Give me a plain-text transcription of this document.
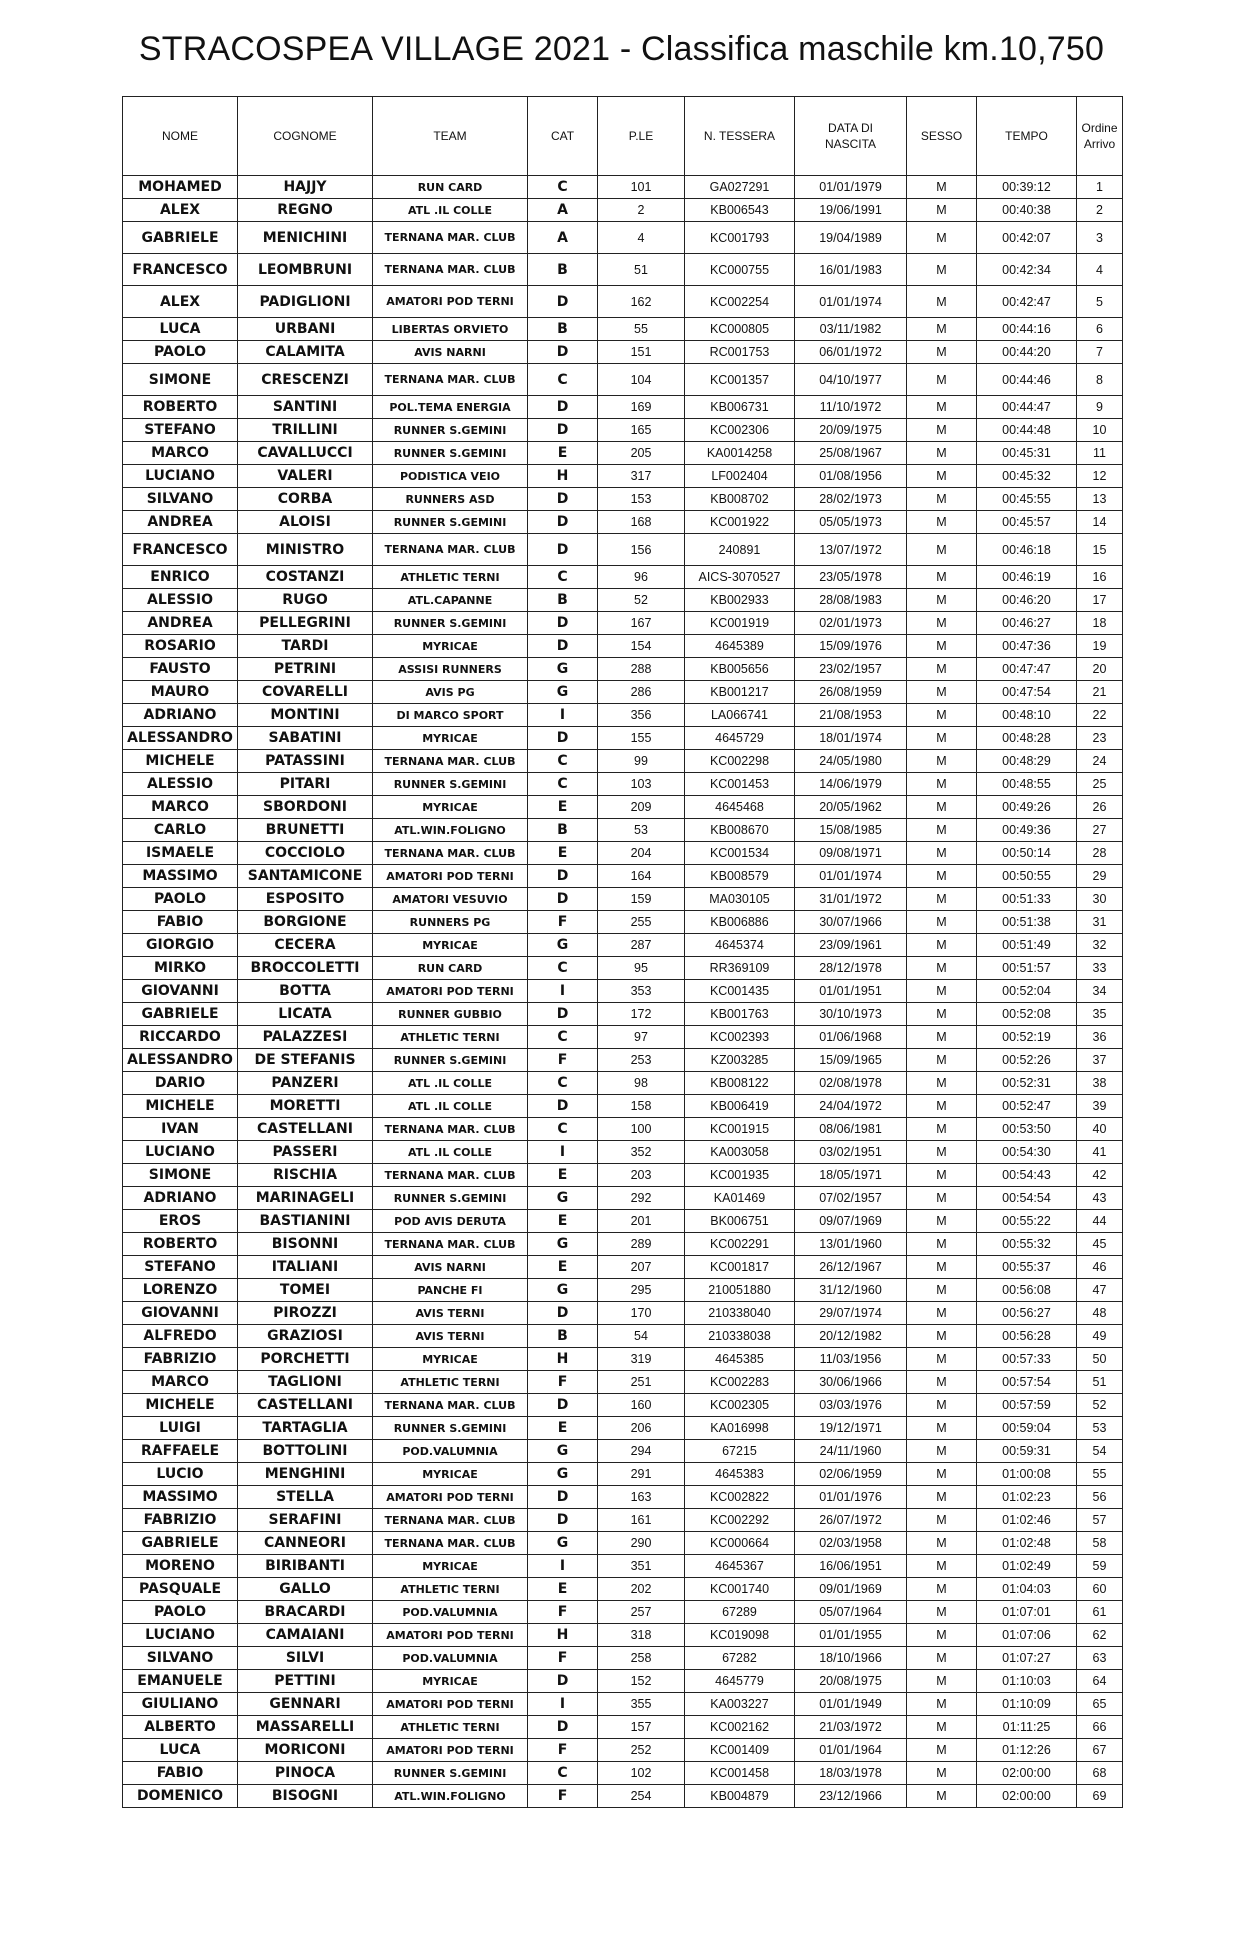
STRACOSPEA VILLAGE 2021 - Classifica maschile km.10,750
NOME	COGNOME	TEAM	CAT	P.LE	N. TESSERA	DATA DI
NASCITA	SESSO	TEMPO	Ordine
Arrivo
MOHAMED	HAJJY	RUN CARD	C	101	GA027291	01/01/1979	M	00:39:12	1
ALEX	REGNO	ATL .IL COLLE	A	2	KB006543	19/06/1991	M	00:40:38	2
GABRIELE	MENICHINI	TERNANA MAR. CLUB	A	4	KC001793	19/04/1989	M	00:42:07	3
FRANCESCO	LEOMBRUNI	TERNANA MAR. CLUB	B	51	KC000755	16/01/1983	M	00:42:34	4
ALEX	PADIGLIONI	AMATORI POD TERNI	D	162	KC002254	01/01/1974	M	00:42:47	5
LUCA	URBANI	LIBERTAS ORVIETO	B	55	KC000805	03/11/1982	M	00:44:16	6
PAOLO	CALAMITA	AVIS NARNI	D	151	RC001753	06/01/1972	M	00:44:20	7
SIMONE	CRESCENZI	TERNANA MAR. CLUB	C	104	KC001357	04/10/1977	M	00:44:46	8
ROBERTO	SANTINI	POL.TEMA ENERGIA	D	169	KB006731	11/10/1972	M	00:44:47	9
STEFANO	TRILLINI	RUNNER S.GEMINI	D	165	KC002306	20/09/1975	M	00:44:48	10
MARCO	CAVALLUCCI	RUNNER S.GEMINI	E	205	KA0014258	25/08/1967	M	00:45:31	11
LUCIANO	VALERI	PODISTICA VEIO	H	317	LF002404	01/08/1956	M	00:45:32	12
SILVANO	CORBA	RUNNERS ASD	D	153	KB008702	28/02/1973	M	00:45:55	13
ANDREA	ALOISI	RUNNER S.GEMINI	D	168	KC001922	05/05/1973	M	00:45:57	14
FRANCESCO	MINISTRO	TERNANA MAR. CLUB	D	156	240891	13/07/1972	M	00:46:18	15
ENRICO	COSTANZI	ATHLETIC TERNI	C	96	AICS-3070527	23/05/1978	M	00:46:19	16
ALESSIO	RUGO	ATL.CAPANNE	B	52	KB002933	28/08/1983	M	00:46:20	17
ANDREA	PELLEGRINI	RUNNER S.GEMINI	D	167	KC001919	02/01/1973	M	00:46:27	18
ROSARIO	TARDI	MYRICAE	D	154	4645389	15/09/1976	M	00:47:36	19
FAUSTO	PETRINI	ASSISI RUNNERS	G	288	KB005656	23/02/1957	M	00:47:47	20
MAURO	COVARELLI	AVIS PG	G	286	KB001217	26/08/1959	M	00:47:54	21
ADRIANO	MONTINI	DI MARCO SPORT	I	356	LA066741	21/08/1953	M	00:48:10	22
ALESSANDRO	SABATINI	MYRICAE	D	155	4645729	18/01/1974	M	00:48:28	23
MICHELE	PATASSINI	TERNANA MAR. CLUB	C	99	KC002298	24/05/1980	M	00:48:29	24
ALESSIO	PITARI	RUNNER S.GEMINI	C	103	KC001453	14/06/1979	M	00:48:55	25
MARCO	SBORDONI	MYRICAE	E	209	4645468	20/05/1962	M	00:49:26	26
CARLO	BRUNETTI	ATL.WIN.FOLIGNO	B	53	KB008670	15/08/1985	M	00:49:36	27
ISMAELE	COCCIOLO	TERNANA MAR. CLUB	E	204	KC001534	09/08/1971	M	00:50:14	28
MASSIMO	SANTAMICONE	AMATORI POD TERNI	D	164	KB008579	01/01/1974	M	00:50:55	29
PAOLO	ESPOSITO	AMATORI VESUVIO	D	159	MA030105	31/01/1972	M	00:51:33	30
FABIO	BORGIONE	RUNNERS PG	F	255	KB006886	30/07/1966	M	00:51:38	31
GIORGIO	CECERA	MYRICAE	G	287	4645374	23/09/1961	M	00:51:49	32
MIRKO	BROCCOLETTI	RUN CARD	C	95	RR369109	28/12/1978	M	00:51:57	33
GIOVANNI	BOTTA	AMATORI POD TERNI	I	353	KC001435	01/01/1951	M	00:52:04	34
GABRIELE	LICATA	RUNNER GUBBIO	D	172	KB001763	30/10/1973	M	00:52:08	35
RICCARDO	PALAZZESI	ATHLETIC TERNI	C	97	KC002393	01/06/1968	M	00:52:19	36
ALESSANDRO	DE STEFANIS	RUNNER S.GEMINI	F	253	KZ003285	15/09/1965	M	00:52:26	37
DARIO	PANZERI	ATL .IL COLLE	C	98	KB008122	02/08/1978	M	00:52:31	38
MICHELE	MORETTI	ATL .IL COLLE	D	158	KB006419	24/04/1972	M	00:52:47	39
IVAN	CASTELLANI	TERNANA MAR. CLUB	C	100	KC001915	08/06/1981	M	00:53:50	40
LUCIANO	PASSERI	ATL .IL COLLE	I	352	KA003058	03/02/1951	M	00:54:30	41
SIMONE	RISCHIA	TERNANA MAR. CLUB	E	203	KC001935	18/05/1971	M	00:54:43	42
ADRIANO	MARINAGELI	RUNNER S.GEMINI	G	292	KA01469	07/02/1957	M	00:54:54	43
EROS	BASTIANINI	POD AVIS DERUTA	E	201	BK006751	09/07/1969	M	00:55:22	44
ROBERTO	BISONNI	TERNANA MAR. CLUB	G	289	KC002291	13/01/1960	M	00:55:32	45
STEFANO	ITALIANI	AVIS NARNI	E	207	KC001817	26/12/1967	M	00:55:37	46
LORENZO	TOMEI	PANCHE FI	G	295	210051880	31/12/1960	M	00:56:08	47
GIOVANNI	PIROZZI	AVIS TERNI	D	170	210338040	29/07/1974	M	00:56:27	48
ALFREDO	GRAZIOSI	AVIS TERNI	B	54	210338038	20/12/1982	M	00:56:28	49
FABRIZIO	PORCHETTI	MYRICAE	H	319	4645385	11/03/1956	M	00:57:33	50
MARCO	TAGLIONI	ATHLETIC TERNI	F	251	KC002283	30/06/1966	M	00:57:54	51
MICHELE	CASTELLANI	TERNANA MAR. CLUB	D	160	KC002305	03/03/1976	M	00:57:59	52
LUIGI	TARTAGLIA	RUNNER S.GEMINI	E	206	KA016998	19/12/1971	M	00:59:04	53
RAFFAELE	BOTTOLINI	POD.VALUMNIA	G	294	67215	24/11/1960	M	00:59:31	54
LUCIO	MENGHINI	MYRICAE	G	291	4645383	02/06/1959	M	01:00:08	55
MASSIMO	STELLA	AMATORI POD TERNI	D	163	KC002822	01/01/1976	M	01:02:23	56
FABRIZIO	SERAFINI	TERNANA MAR. CLUB	D	161	KC002292	26/07/1972	M	01:02:46	57
GABRIELE	CANNEORI	TERNANA MAR. CLUB	G	290	KC000664	02/03/1958	M	01:02:48	58
MORENO	BIRIBANTI	MYRICAE	I	351	4645367	16/06/1951	M	01:02:49	59
PASQUALE	GALLO	ATHLETIC TERNI	E	202	KC001740	09/01/1969	M	01:04:03	60
PAOLO	BRACARDI	POD.VALUMNIA	F	257	67289	05/07/1964	M	01:07:01	61
LUCIANO	CAMAIANI	AMATORI POD TERNI	H	318	KC019098	01/01/1955	M	01:07:06	62
SILVANO	SILVI	POD.VALUMNIA	F	258	67282	18/10/1966	M	01:07:27	63
EMANUELE	PETTINI	MYRICAE	D	152	4645779	20/08/1975	M	01:10:03	64
GIULIANO	GENNARI	AMATORI POD TERNI	I	355	KA003227	01/01/1949	M	01:10:09	65
ALBERTO	MASSARELLI	ATHLETIC TERNI	D	157	KC002162	21/03/1972	M	01:11:25	66
LUCA	MORICONI	AMATORI POD TERNI	F	252	KC001409	01/01/1964	M	01:12:26	67
FABIO	PINOCA	RUNNER S.GEMINI	C	102	KC001458	18/03/1978	M	02:00:00	68
DOMENICO	BISOGNI	ATL.WIN.FOLIGNO	F	254	KB004879	23/12/1966	M	02:00:00	69
